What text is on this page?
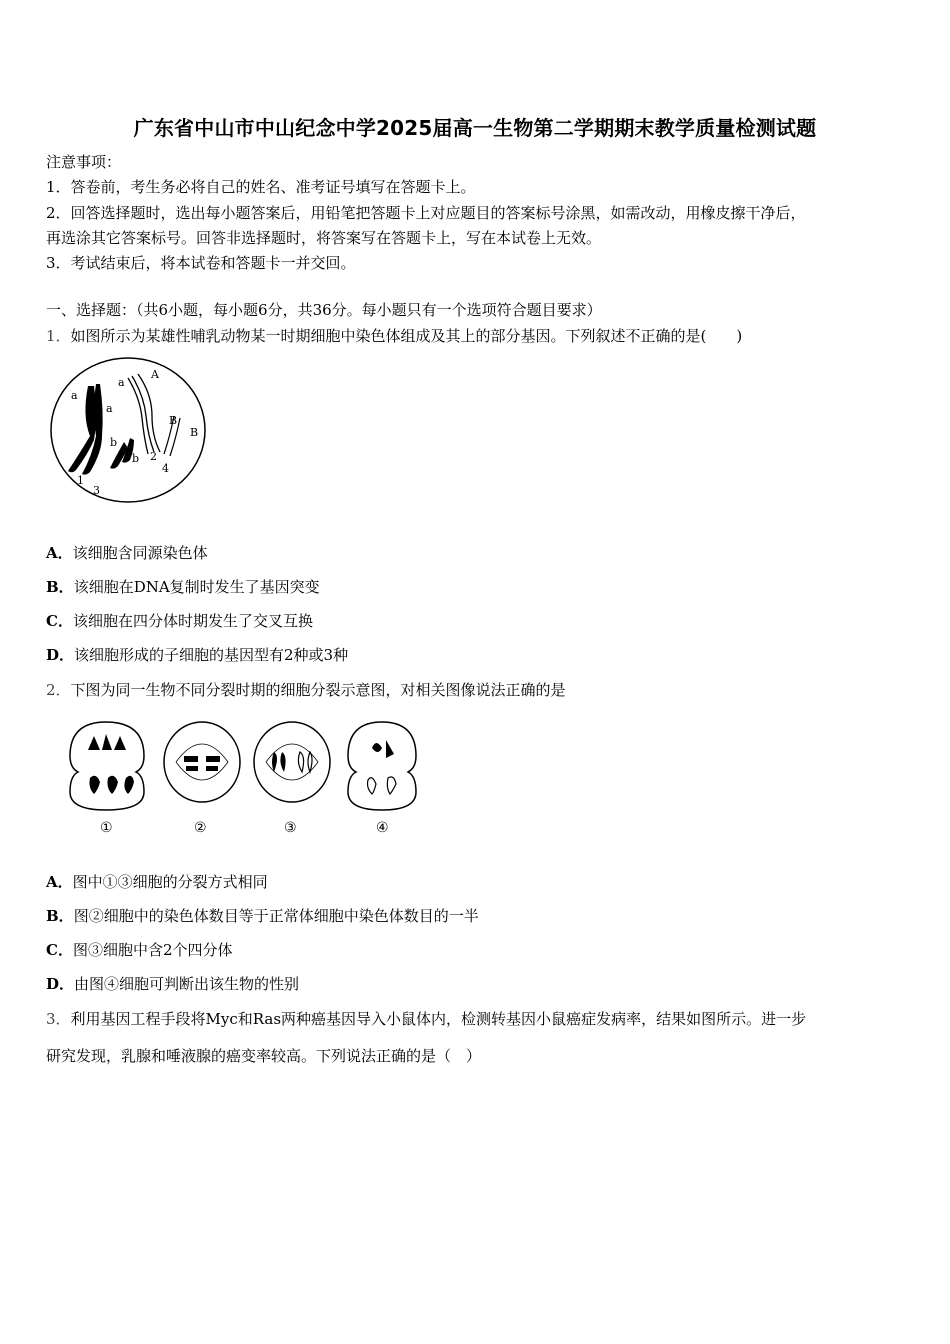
广东省中山市中山纪念中学2025届高一生物第二学期期末教学质量检测试题
注意事项：
1．答卷前，考生务必将自己的姓名、准考证号填写在答题卡上。
2．回答选择题时，选出每小题答案后，用铅笔把答题卡上对应题目的答案标号涂黑，如需改动，用橡皮擦干净后，
再选涂其它答案标号。回答非选择题时，将答案写在答题卡上，写在本试卷上无效。
3．考试结束后，将本试卷和答题卡一并交回。
一、选择题：（共6小题，每小题6分，共36分。每小题只有一个选项符合题目要求）
1．如图所示为某雄性哺乳动物某一时期细胞中染色体组成及其上的部分基因。下列叙述不正确的是(　　)
a
a
a
A
B
B
b
b
1
2
3
4
A．该细胞含同源染色体
B．该细胞在DNA复制时发生了基因突变
C．该细胞在四分体时期发生了交叉互换
D．该细胞形成的子细胞的基因型有2种或3种
2．下图为同一生物不同分裂时期的细胞分裂示意图，对相关图像说法正确的是
①	②	③	④
A．图中①③细胞的分裂方式相同
B．图②细胞中的染色体数目等于正常体细胞中染色体数目的一半
C．图③细胞中含2个四分体
D．由图④细胞可判断出该生物的性别
3．利用基因工程手段将Myc和Ras两种癌基因导入小鼠体内，检测转基因小鼠癌症发病率，结果如图所示。进一步
研究发现，乳腺和唾液腺的癌变率较高。下列说法正确的是（　）
